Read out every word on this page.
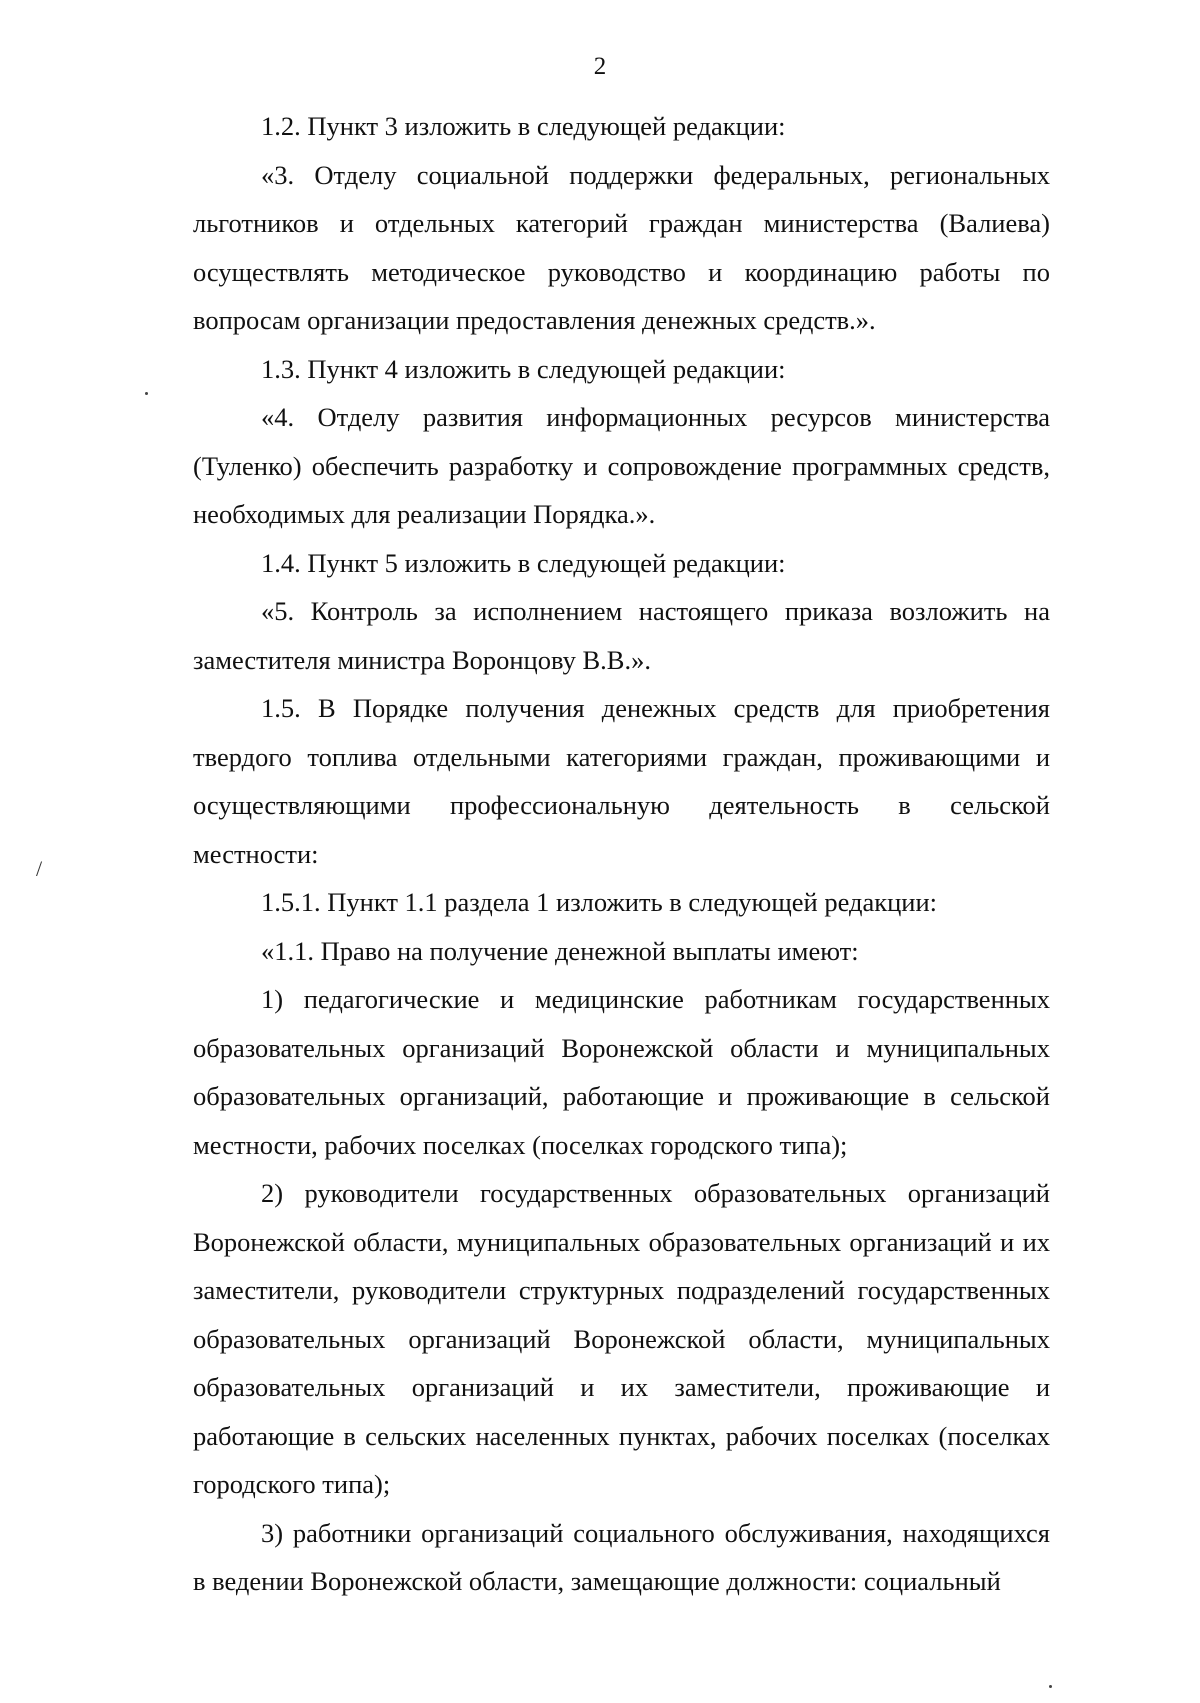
2

1.2. Пункт 3 изложить в следующей редакции:

«3. Отделу социальной поддержки федеральных, региональных льготников и отдельных категорий граждан министерства (Валиева) осуществлять методическое руководство и координацию работы по вопросам организации предоставления денежных средств.».

1.3. Пункт 4 изложить в следующей редакции:

«4. Отделу развития информационных ресурсов министерства (Туленко) обеспечить разработку и сопровождение программных средств, необходимых для реализации Порядка.».

1.4. Пункт 5 изложить в следующей редакции:

«5. Контроль за исполнением настоящего приказа возложить на заместителя министра Воронцову В.В.».

1.5. В Порядке получения денежных средств для приобретения твердого топлива отдельными категориями граждан, проживающими и осуществляющими профессиональную деятельность в сельской местности:

1.5.1. Пункт 1.1 раздела 1 изложить в следующей редакции:

«1.1. Право на получение денежной выплаты имеют:

1) педагогические и медицинские работникам государственных образовательных организаций Воронежской области и муниципальных образовательных организаций, работающие и проживающие в сельской местности, рабочих поселках (поселках городского типа);

2) руководители государственных образовательных организаций Воронежской области, муниципальных образовательных организаций и их заместители, руководители структурных подразделений государственных образовательных организаций Воронежской области, муниципальных образовательных организаций и их заместители, проживающие и работающие в сельских населенных пунктах, рабочих поселках (поселках городского типа);

3) работники организаций социального обслуживания, находящихся в ведении Воронежской области, замещающие должности: социальный

/
